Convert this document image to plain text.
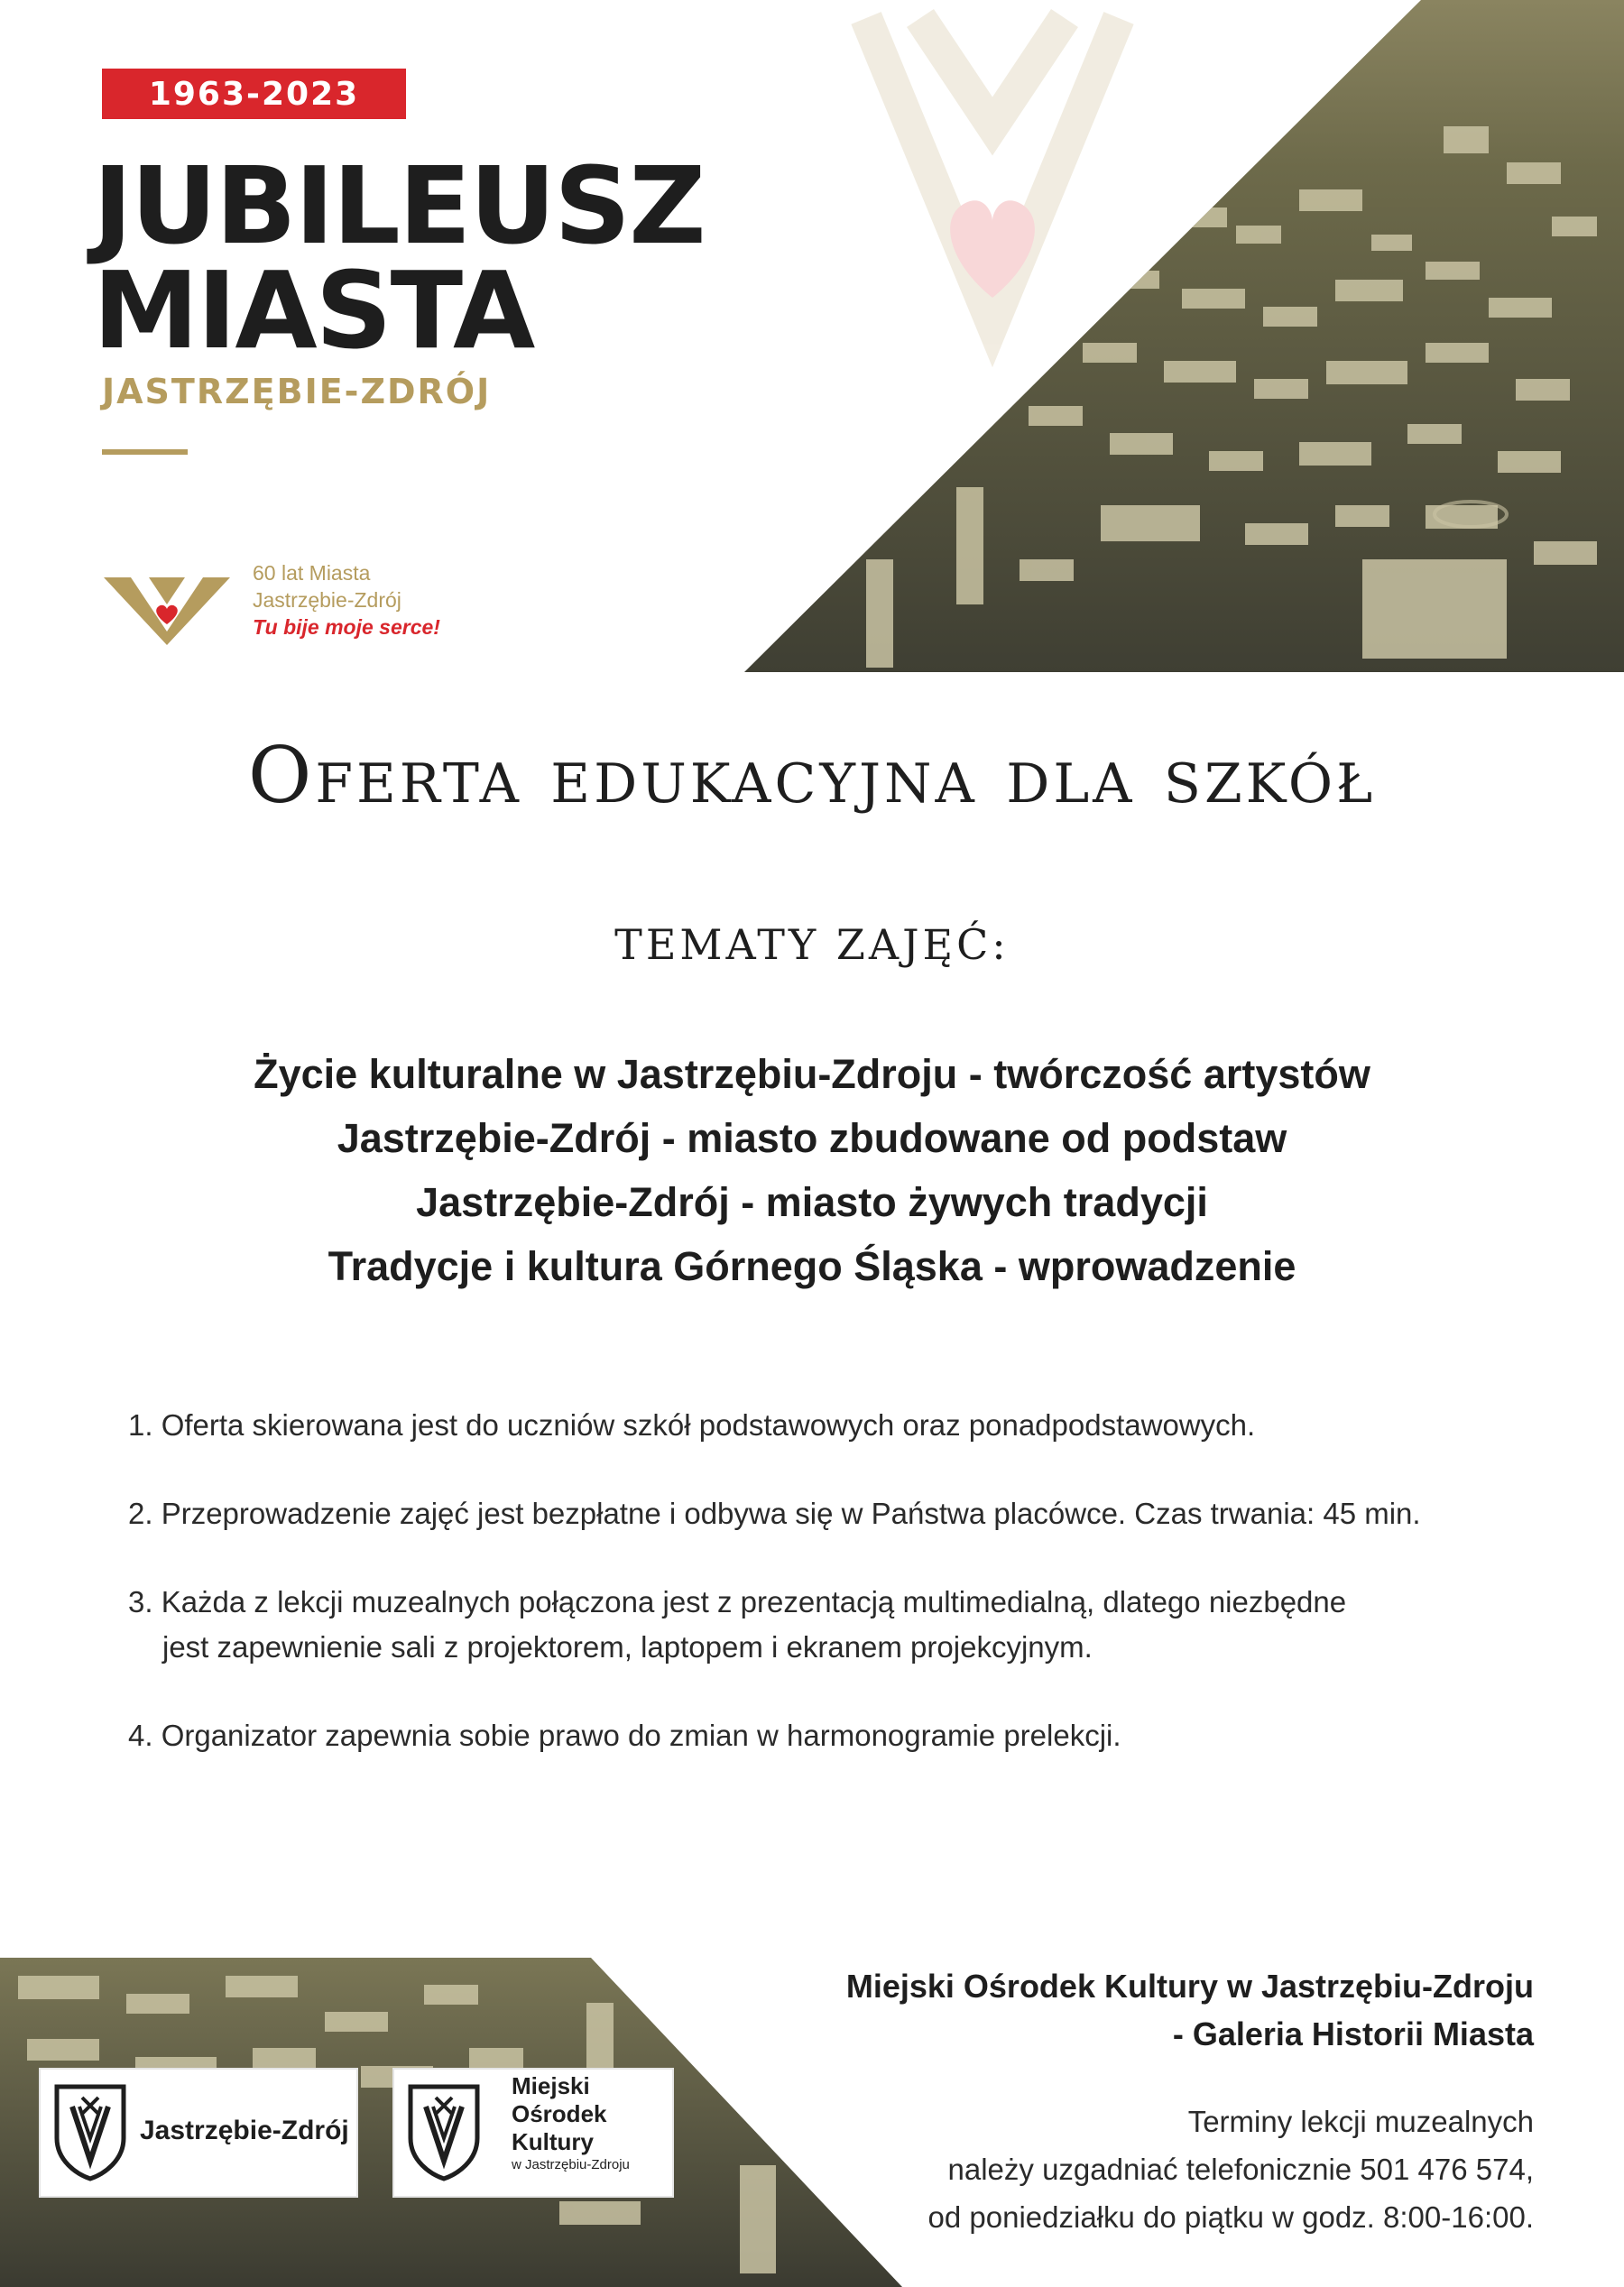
1963-2023
JUBILEUSZ
MIASTA
JASTRZĘBIE-ZDRÓJ
60 lat Miasta
Jastrzębie-Zdrój
Tu bije moje serce!
Oferta edukacyjna dla szkół
TEMATY ZAJĘĆ:
Życie kulturalne w Jastrzębiu-Zdroju - twórczość artystów
Jastrzębie-Zdrój - miasto zbudowane od podstaw
Jastrzębie-Zdrój - miasto żywych tradycji
Tradycje i kultura Górnego Śląska - wprowadzenie
1. Oferta skierowana jest do uczniów szkół podstawowych oraz ponadpodstawowych.
2. Przeprowadzenie zajęć jest bezpłatne i odbywa się w Państwa placówce. Czas trwania: 45 min.
3. Każda z lekcji muzealnych połączona jest z prezentacją multimedialną, dlatego niezbędne
jest zapewnienie sali z projektorem, laptopem i ekranem projekcyjnym.
4. Organizator zapewnia sobie prawo do zmian w harmonogramie prelekcji.
Miejski Ośrodek Kultury w Jastrzębiu-Zdroju
- Galeria Historii Miasta
Terminy lekcji muzealnych
należy uzgadniać telefonicznie 501 476 574,
od poniedziałku do piątku w godz. 8:00-16:00.
Jastrzębie-Zdrój
Miejski
Ośrodek
Kultury
w Jastrzębiu-Zdroju
